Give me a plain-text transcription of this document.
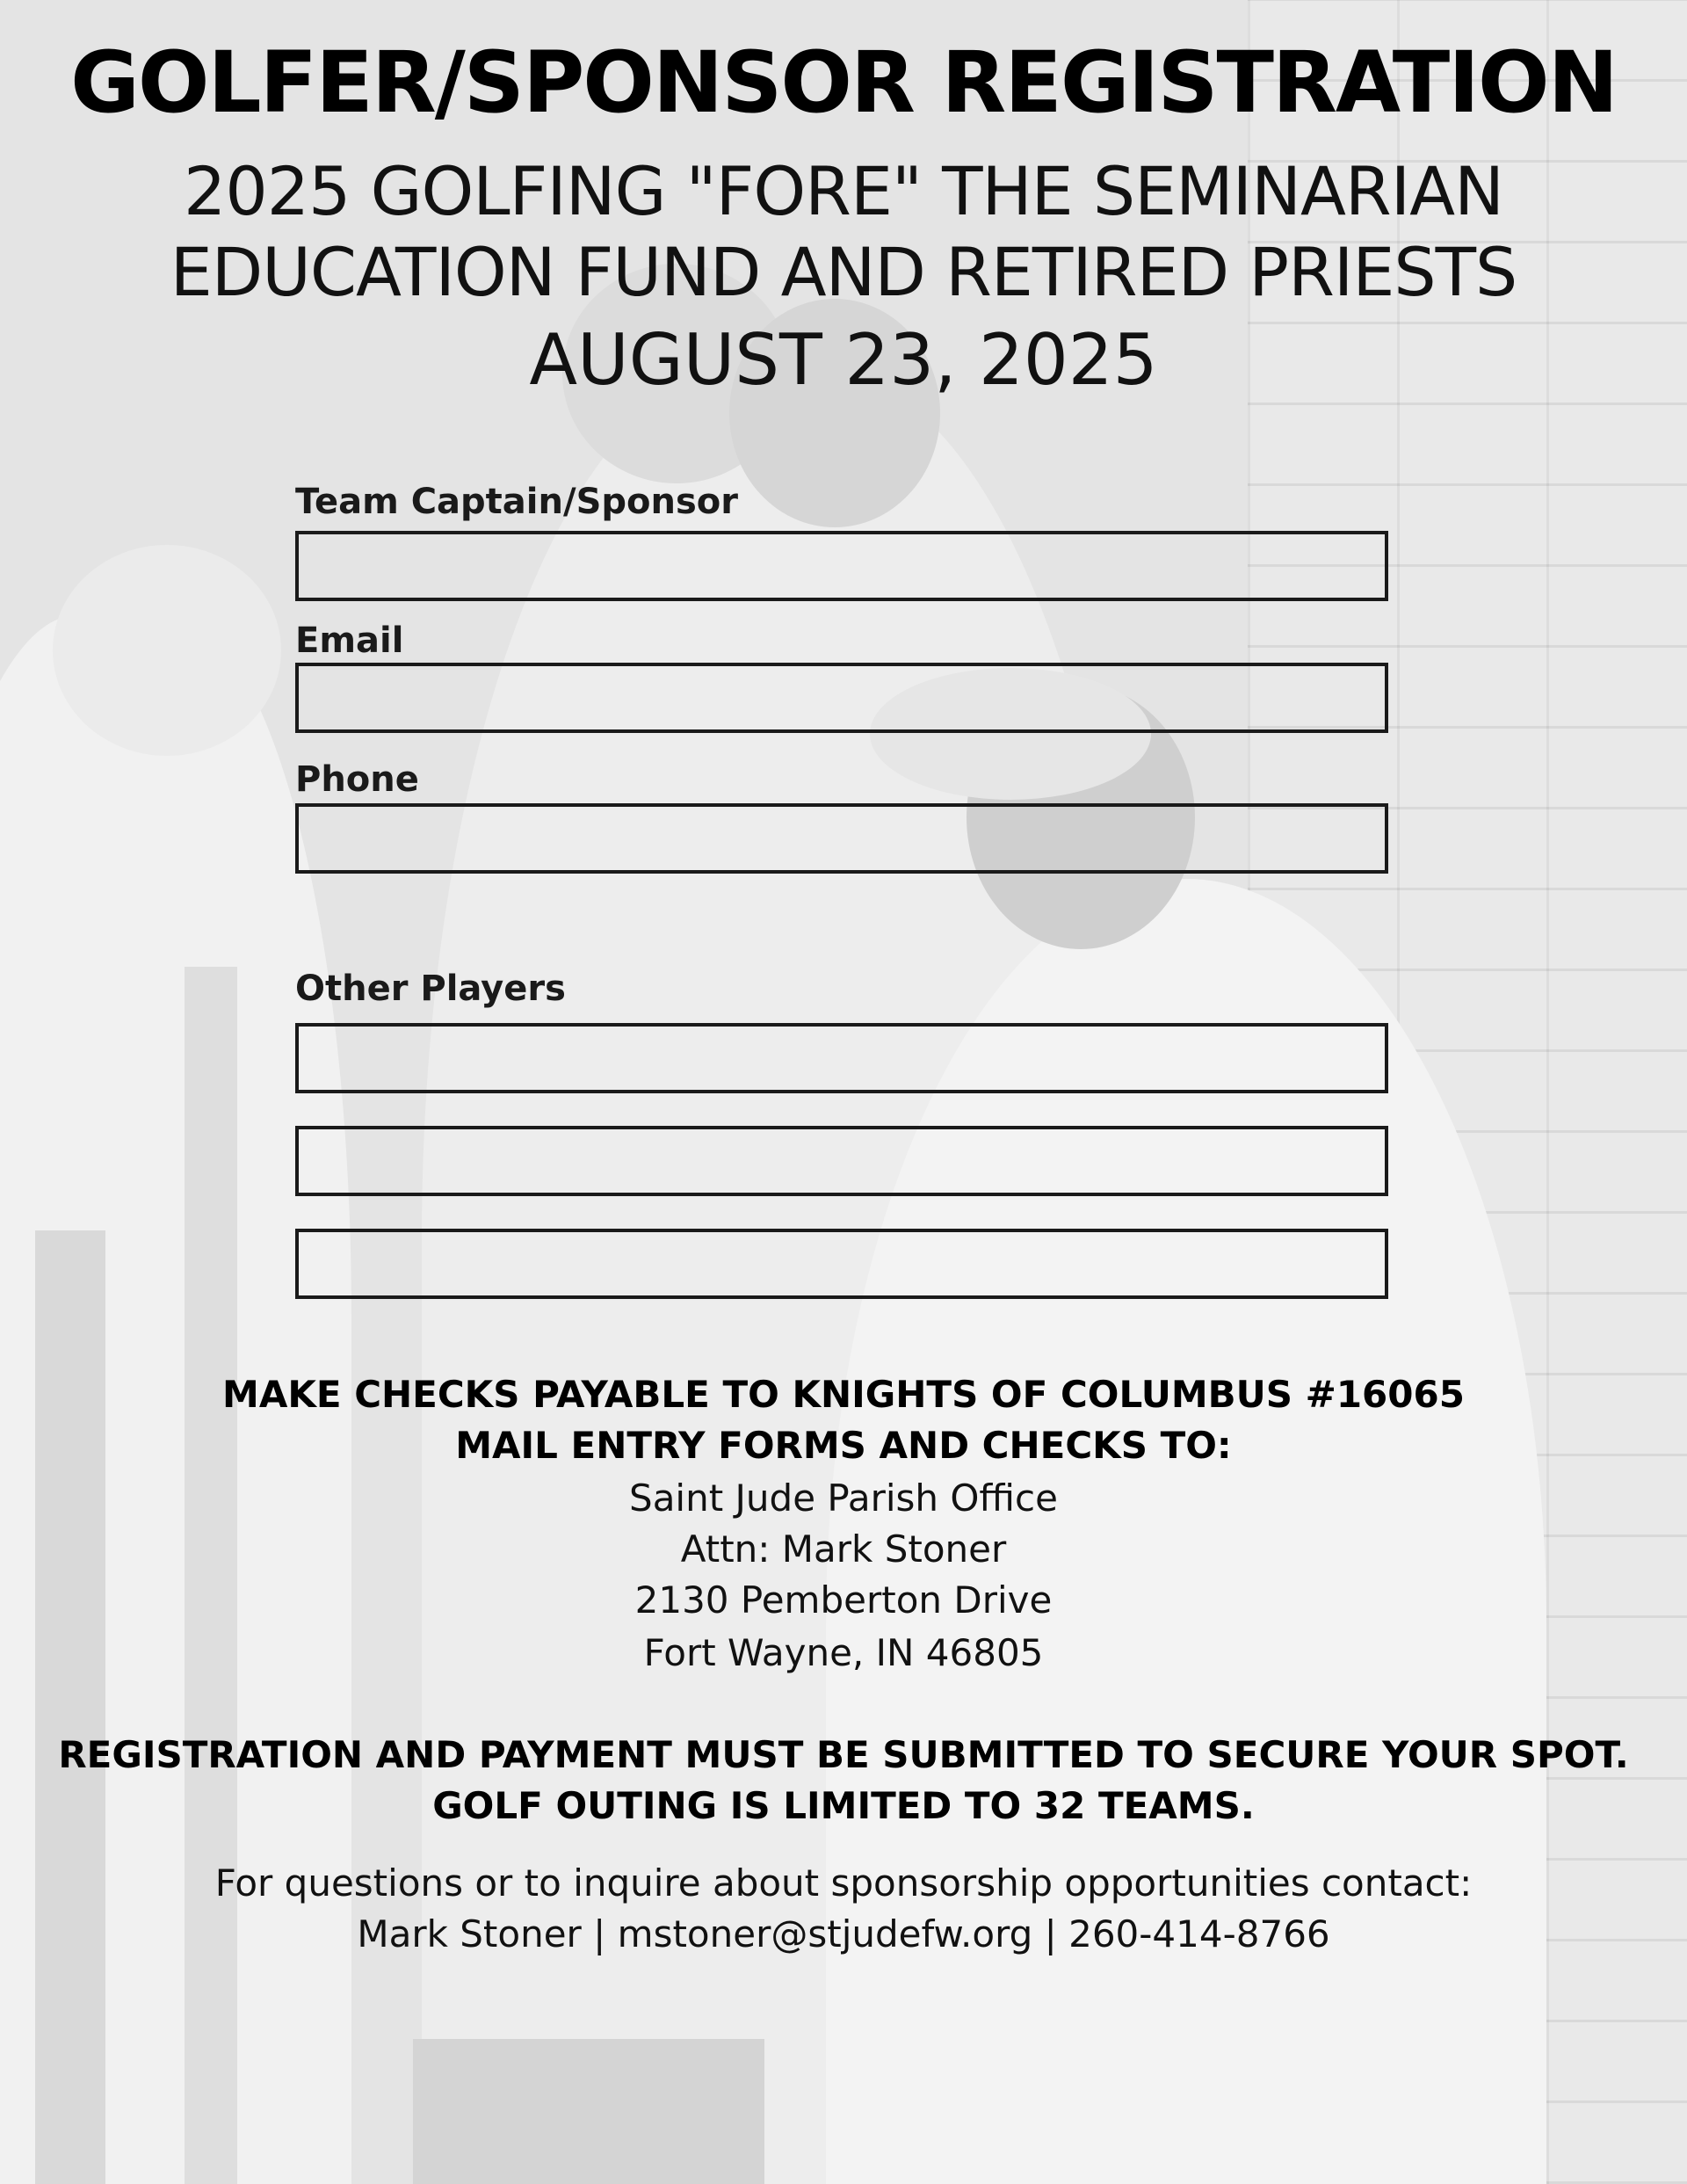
GOLFER/SPONSOR REGISTRATION
2025 GOLFING "FORE" THE SEMINARIAN
EDUCATION FUND AND RETIRED PRIESTS
AUGUST 23, 2025
Team Captain/Sponsor
Email
Phone
Other Players
MAKE CHECKS PAYABLE TO KNIGHTS OF COLUMBUS #16065
MAIL ENTRY FORMS AND CHECKS TO:
Saint Jude Parish Office
Attn: Mark Stoner
2130 Pemberton Drive
Fort Wayne, IN 46805
REGISTRATION AND PAYMENT MUST BE SUBMITTED TO SECURE YOUR SPOT.
GOLF OUTING IS LIMITED TO 32 TEAMS.
For questions or to inquire about sponsorship opportunities contact:
Mark Stoner | mstoner@stjudefw.org | 260-414-8766
